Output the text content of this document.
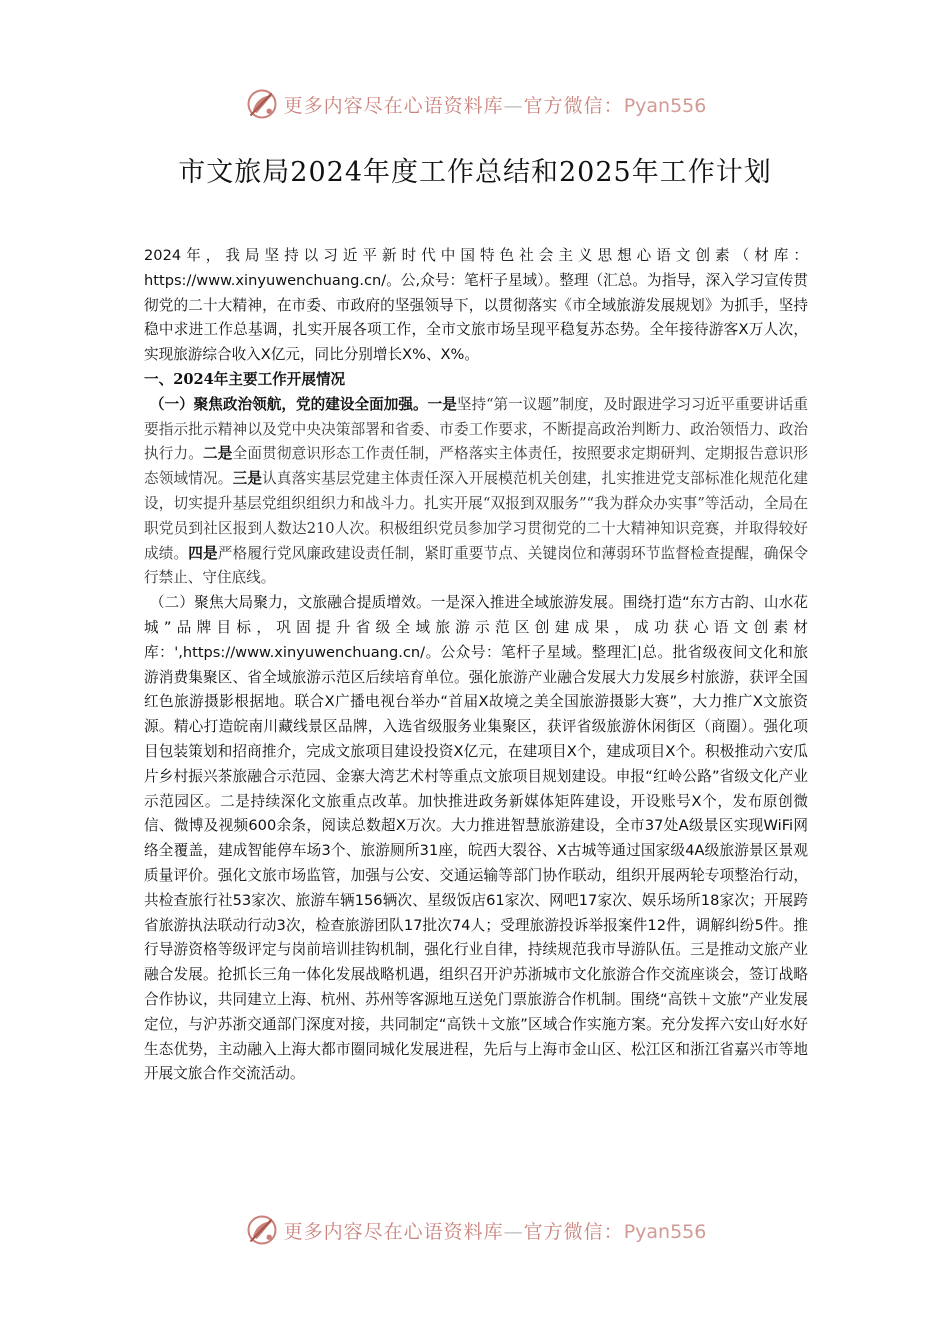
更多内容尽在心语资料库—官方微信：Pyan556
市文旅局2024年度工作总结和2025年工作计划

2024年，我局坚持以习近平新时代中国特色社会主义思想心语文创素（材库：https://www.xinyuwenchuang.cn/。公,众号：笔杆子星域）。整理（汇总。为指导，深入学习宣传贯彻党的二十大精神，在市委、市政府的坚强领导下，以贯彻落实《市全域旅游发展规划》为抓手，坚持稳中求进工作总基调，扎实开展各项工作，全市文旅市场呈现平稳复苏态势。全年接待游客X万人次，实现旅游综合收入X亿元，同比分别增长X%、X%。

一、2024年主要工作开展情况

（一）聚焦政治领航，党的建设全面加强。一是坚持“第一议题”制度，及时跟进学习习近平重要讲话重要指示批示精神以及党中央决策部署和省委、市委工作要求，不断提高政治判断力、政治领悟力、政治执行力。二是全面贯彻意识形态工作责任制，严格落实主体责任，按照要求定期研判、定期报告意识形态领域情况。三是认真落实基层党建主体责任深入开展模范机关创建，扎实推进党支部标准化规范化建设，切实提升基层党组织组织力和战斗力。扎实开展“双报到双服务”“我为群众办实事”等活动，全局在职党员到社区报到人数达210人次。积极组织党员参加学习贯彻党的二十大精神知识竞赛，并取得较好成绩。四是严格履行党风廉政建设责任制，紧盯重要节点、关键岗位和薄弱环节监督检查提醒，确保令行禁止、守住底线。

（二）聚焦大局聚力，文旅融合提质增效。一是深入推进全域旅游发展。围绕打造“东方古韵、山水花城”品牌目标，巩固提升省级全域旅游示范区创建成果，成功获心语文创素材库：',https://www.xinyuwenchuang.cn/。公众号：笔杆子星域。整理汇|总。批省级夜间文化和旅游消费集聚区、省全域旅游示范区后续培育单位。强化旅游产业融合发展大力发展乡村旅游，获评全国红色旅游摄影根据地。联合X广播电视台举办“首届X故境之美全国旅游摄影大赛”，大力推广X文旅资源。精心打造皖南川藏线景区品牌，入选省级服务业集聚区，获评省级旅游休闲街区（商圈）。强化项目包装策划和招商推介，完成文旅项目建设投资X亿元，在建项目X个，建成项目X个。积极推动六安瓜片乡村振兴茶旅融合示范园、金寨大湾艺术村等重点文旅项目规划建设。申报“红岭公路”省级文化产业示范园区。二是持续深化文旅重点改革。加快推进政务新媒体矩阵建设，开设账号X个，发布原创微信、微博及视频600余条，阅读总数超X万次。大力推进智慧旅游建设，全市37处A级景区实现WiFi网络全覆盖，建成智能停车场3个、旅游厕所31座，皖西大裂谷、X古城等通过国家级4A级旅游景区景观质量评价。强化文旅市场监管，加强与公安、交通运输等部门协作联动，组织开展两轮专项整治行动，共检查旅行社53家次、旅游车辆156辆次、星级饭店61家次、网吧17家次、娱乐场所18家次；开展跨省旅游执法联动行动3次，检查旅游团队17批次74人；受理旅游投诉举报案件12件，调解纠纷5件。推行导游资格等级评定与岗前培训挂钩机制，强化行业自律，持续规范我市导游队伍。三是推动文旅产业融合发展。抢抓长三角一体化发展战略机遇，组织召开沪苏浙城市文化旅游合作交流座谈会，签订战略合作协议，共同建立上海、杭州、苏州等客源地互送免门票旅游合作机制。围绕“高铁＋文旅”产业发展定位，与沪苏浙交通部门深度对接，共同制定“高铁＋文旅”区域合作实施方案。充分发挥六安山好水好生态优势，主动融入上海大都市圈同城化发展进程，先后与上海市金山区、松江区和浙江省嘉兴市等地开展文旅合作交流活动。

更多内容尽在心语资料库—官方微信：Pyan556
